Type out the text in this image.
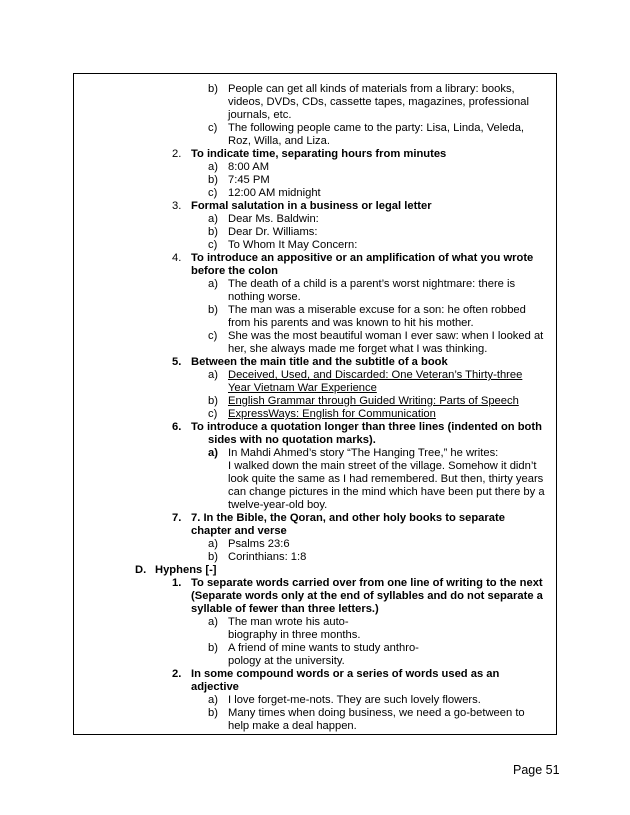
b) People can get all kinds of materials from a library: books,
videos, DVDs, CDs, cassette tapes, magazines, professional
journals, etc.
c) The following people came to the party: Lisa, Linda, Veleda,
Roz, Willa, and Liza.
2. To indicate time, separating hours from minutes
a) 8:00 AM
b) 7:45 PM
c) 12:00 AM midnight
3. Formal salutation in a business or legal letter
a) Dear Ms. Baldwin:
b) Dear Dr. Williams:
c) To Whom It May Concern:
4. To introduce an appositive or an amplification of what you wrote
before the colon
a) The death of a child is a parent’s worst nightmare: there is
nothing worse.
b) The man was a miserable excuse for a son: he often robbed
from his parents and was known to hit his mother.
c) She was the most beautiful woman I ever saw: when I looked at
her, she always made me forget what I was thinking.
5. Between the main title and the subtitle of a book
a) Deceived, Used, and Discarded: One Veteran’s Thirty-three
Year Vietnam War Experience
b) English Grammar through Guided Writing: Parts of Speech
c) ExpressWays: English for Communication
6. To introduce a quotation longer than three lines (indented on both
sides with no quotation marks).
a) In Mahdi Ahmed’s story “The Hanging Tree,” he writes:
I walked down the main street of the village. Somehow it didn’t
look quite the same as I had remembered. But then, thirty years
can change pictures in the mind which have been put there by a
twelve-year-old boy.
7. 7. In the Bible, the Qoran, and other holy books to separate
chapter and verse
a) Psalms 23:6
b) Corinthians: 1:8
D. Hyphens [-]
1. To separate words carried over from one line of writing to the next
(Separate words only at the end of syllables and do not separate a
syllable of fewer than three letters.)
a) The man wrote his auto-
biography in three months.
b) A friend of mine wants to study anthro-
pology at the university.
2. In some compound words or a series of words used as an
adjective
a) I love forget-me-nots. They are such lovely flowers.
b) Many times when doing business, we need a go-between to
help make a deal happen.
Page 51
